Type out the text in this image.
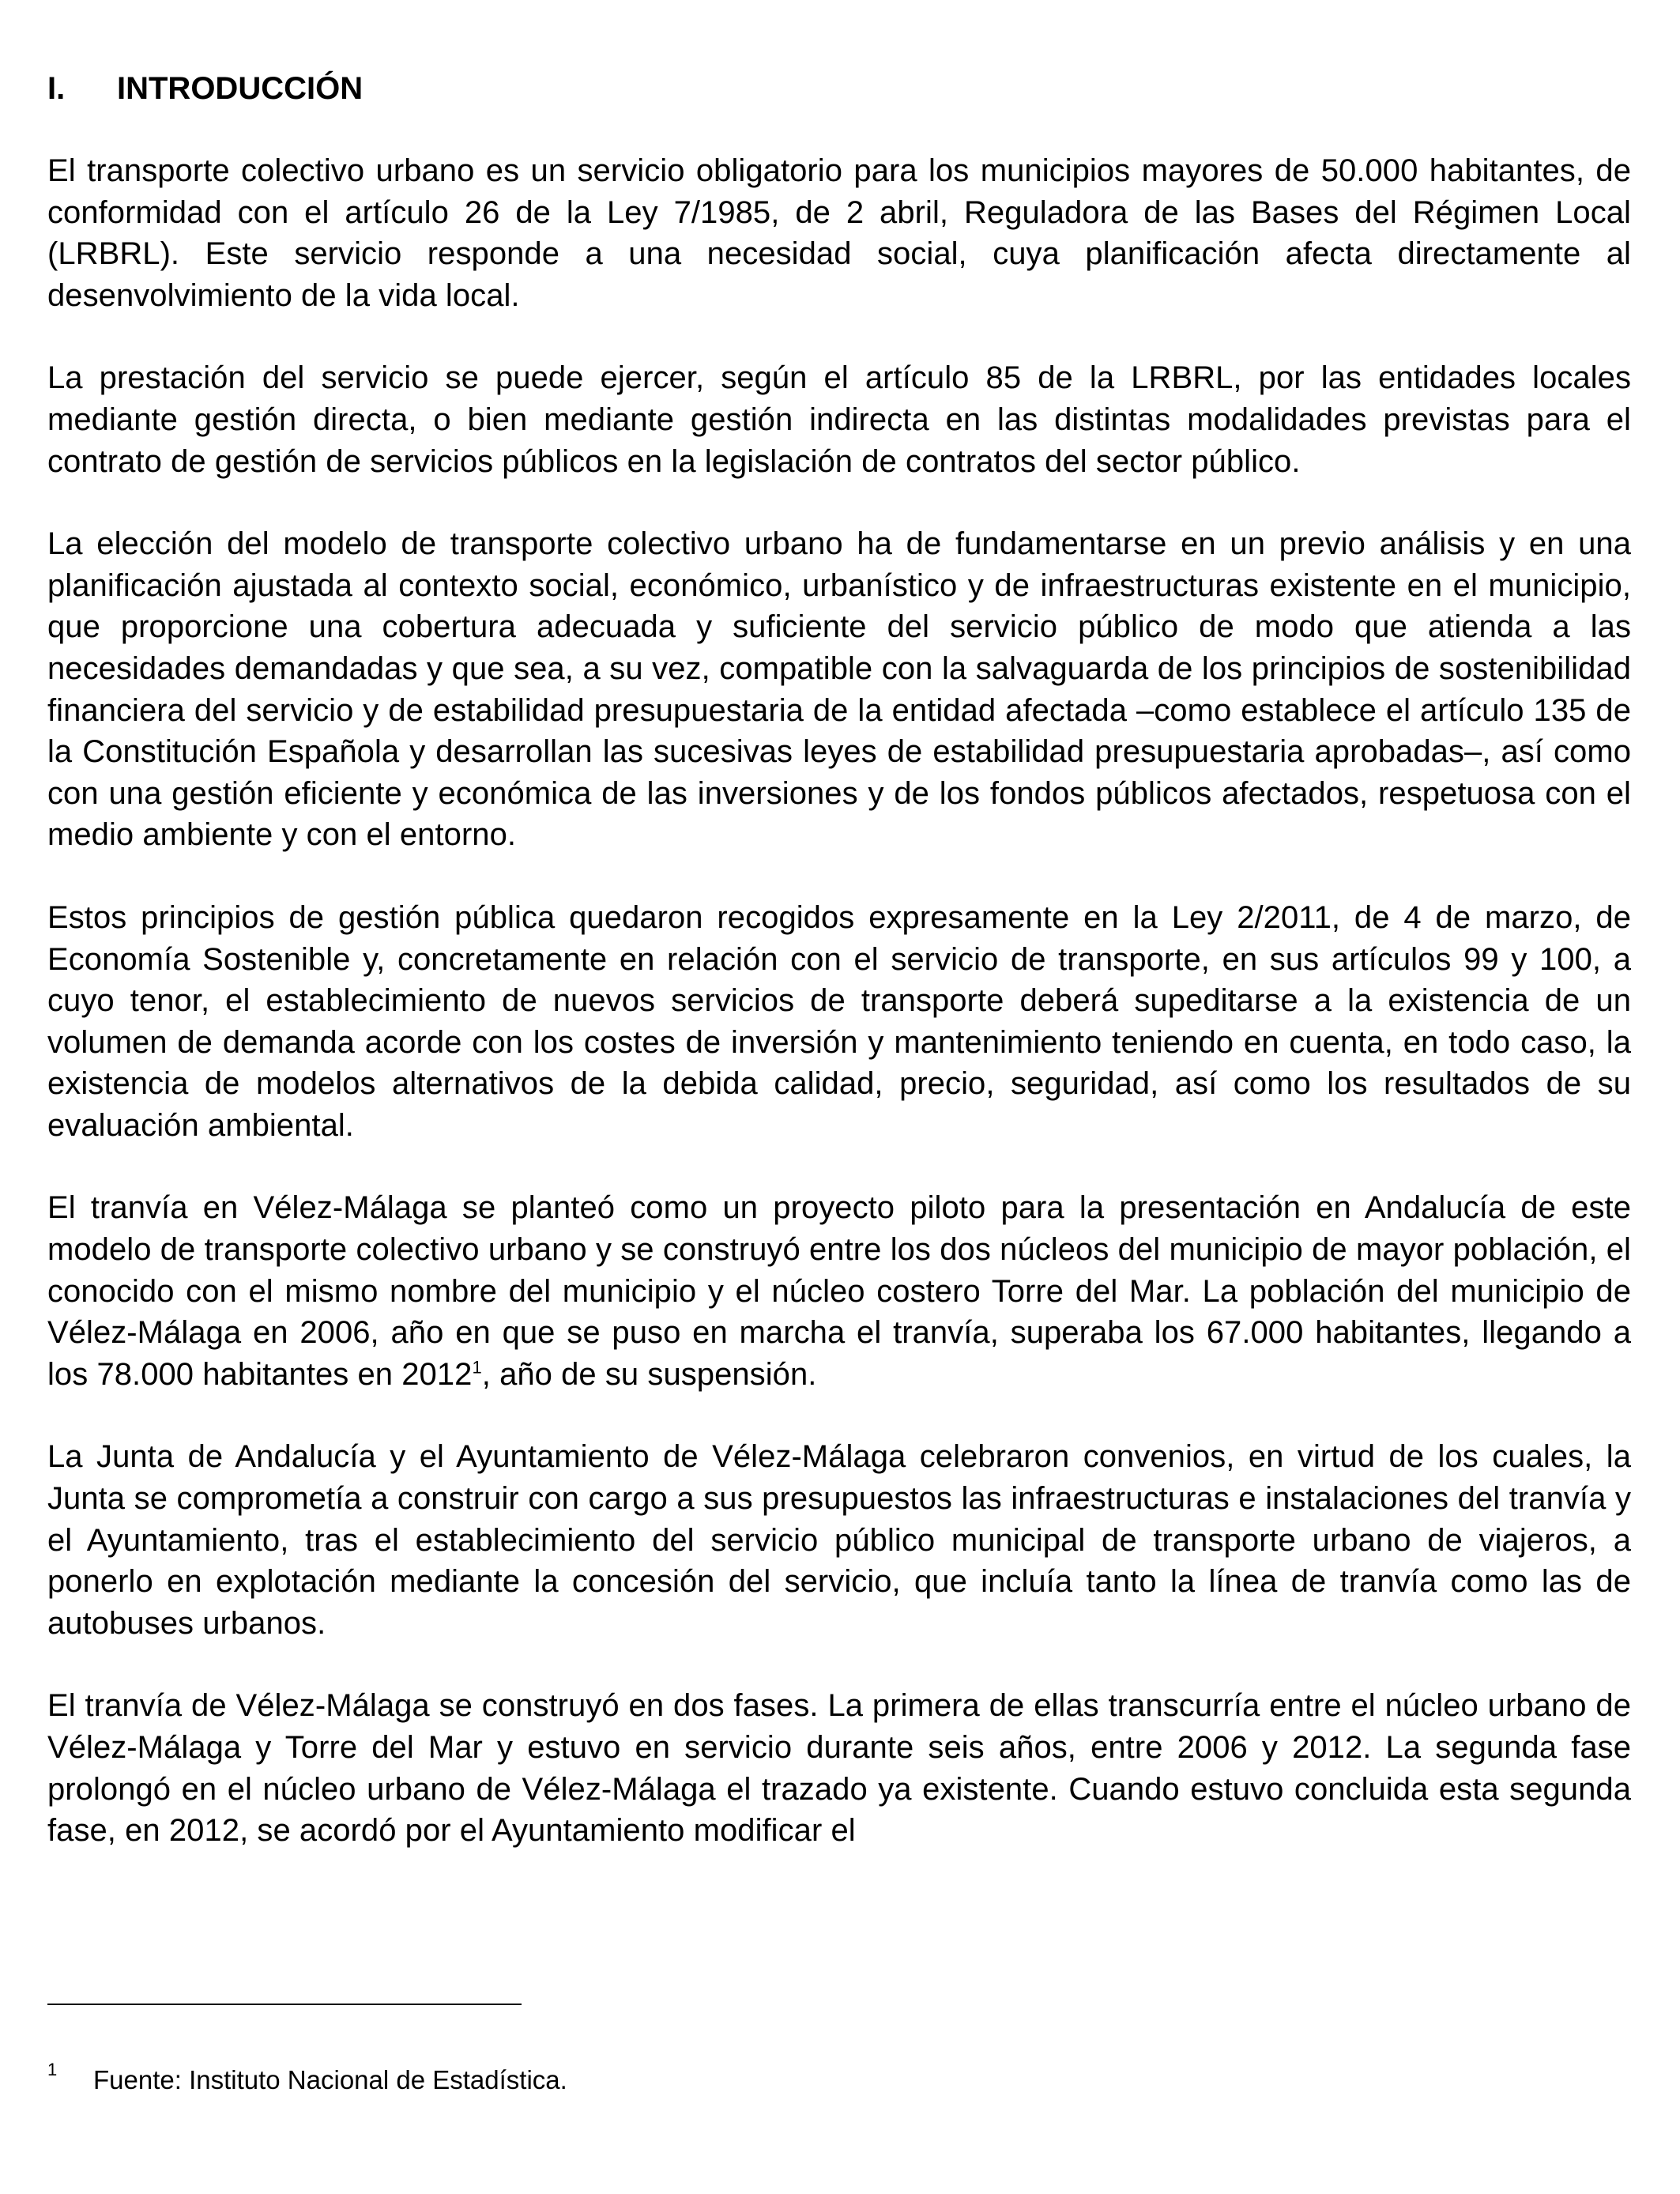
I.	INTRODUCCIÓN

El transporte colectivo urbano es un servicio obligatorio para los municipios mayores de 50.000 habitantes, de conformidad con el artículo 26 de la Ley 7/1985, de 2 abril, Reguladora de las Bases del Régimen Local (LRBRL). Este servicio responde a una necesidad social, cuya planificación afecta directamente al desenvolvimiento de la vida local.

La prestación del servicio se puede ejercer, según el artículo 85 de la LRBRL, por las entidades locales mediante gestión directa, o bien mediante gestión indirecta en las distintas modalidades previstas para el contrato de gestión de servicios públicos en la legislación de contratos del sector público.

La elección del modelo de transporte colectivo urbano ha de fundamentarse en un previo análisis y en una planificación ajustada al contexto social, económico, urbanístico y de infraestructuras existente en el municipio, que proporcione una cobertura adecuada y suficiente del servicio público de modo que atienda a las necesidades demandadas y que sea, a su vez, compatible con la salvaguarda de los principios de sostenibilidad financiera del servicio y de estabilidad presupuestaria de la entidad afectada –como establece el artículo 135 de la Constitución Española y desarrollan las sucesivas leyes de estabilidad presupuestaria aprobadas–, así como con una gestión eficiente y económica de las inversiones y de los fondos públicos afectados, respetuosa con el medio ambiente y con el entorno.

Estos principios de gestión pública quedaron recogidos expresamente en la Ley 2/2011, de 4 de marzo, de Economía Sostenible y, concretamente en relación con el servicio de transporte, en sus artículos 99 y 100, a cuyo tenor, el establecimiento de nuevos servicios de transporte deberá supeditarse a la existencia de un volumen de demanda acorde con los costes de inversión y mantenimiento teniendo en cuenta, en todo caso, la existencia de modelos alternativos de la debida calidad, precio, seguridad, así como los resultados de su evaluación ambiental.

El tranvía en Vélez-Málaga se planteó como un proyecto piloto para la presentación en Andalucía de este modelo de transporte colectivo urbano y se construyó entre los dos núcleos del municipio de mayor población, el conocido con el mismo nombre del municipio y el núcleo costero Torre del Mar. La población del municipio de Vélez-Málaga en 2006, año en que se puso en marcha el tranvía, superaba los 67.000 habitantes, llegando a los 78.000 habitantes en 2012$^1$, año de su suspensión.

La Junta de Andalucía y el Ayuntamiento de Vélez-Málaga celebraron convenios, en virtud de los cuales, la Junta se comprometía a construir con cargo a sus presupuestos las infraestructuras e instalaciones del tranvía y el Ayuntamiento, tras el establecimiento del servicio público municipal de transporte urbano de viajeros, a ponerlo en explotación mediante la concesión del servicio, que incluía tanto la línea de tranvía como las de autobuses urbanos.

El tranvía de Vélez-Málaga se construyó en dos fases. La primera de ellas transcurría entre el núcleo urbano de Vélez-Málaga y Torre del Mar y estuvo en servicio durante seis años, entre 2006 y 2012. La segunda fase prolongó en el núcleo urbano de Vélez-Málaga el trazado ya existente. Cuando estuvo concluida esta segunda fase, en 2012, se acordó por el Ayuntamiento modificar el

1	Fuente: Instituto Nacional de Estadística.
